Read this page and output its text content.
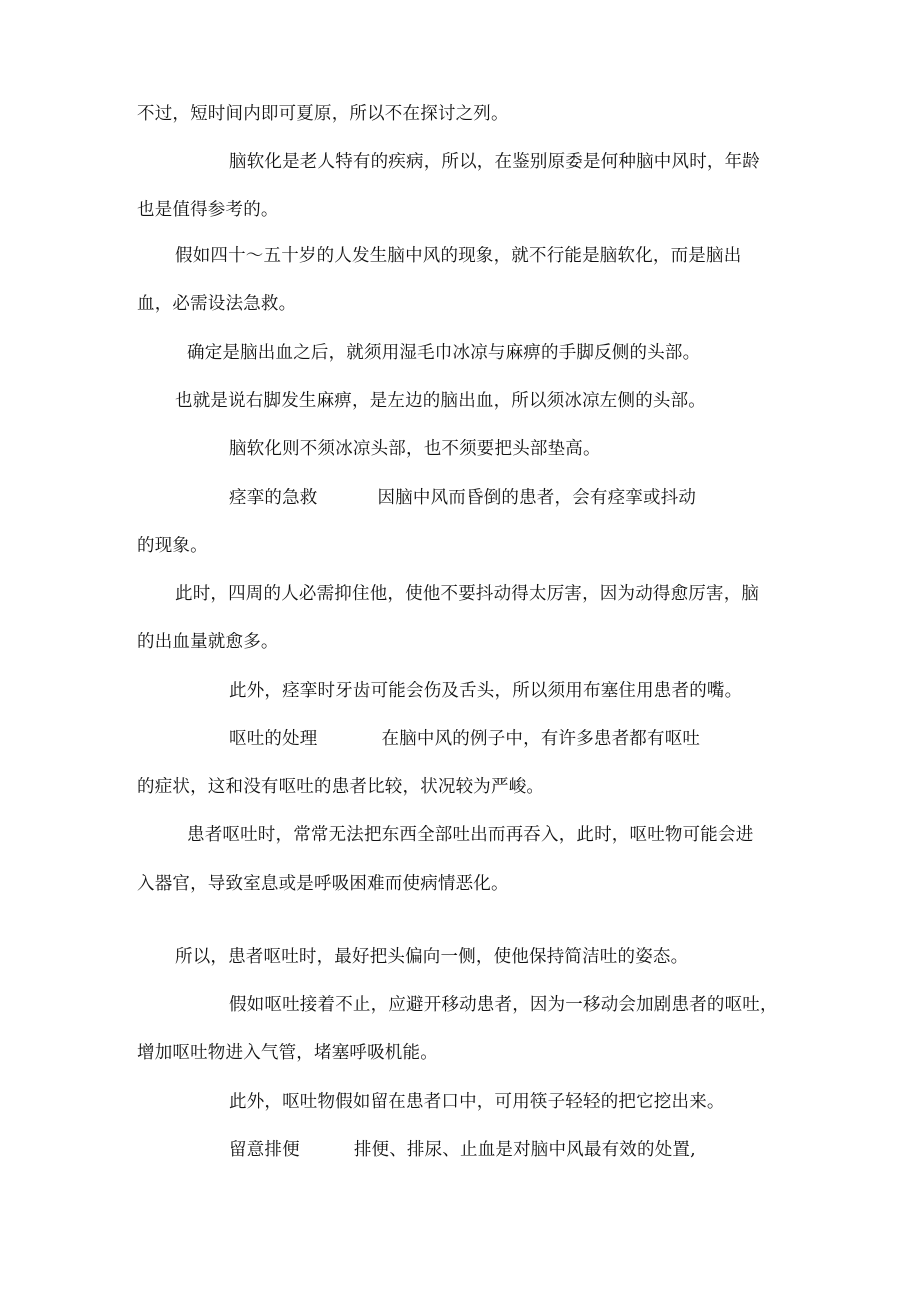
不过，短时间内即可夏原，所以不在探讨之列。
脑软化是老人特有的疾病，所以，在鉴别原委是何种脑中风时，年龄
也是值得参考的。
假如四十～五十岁的人发生脑中风的现象，就不行能是脑软化，而是脑出
血，必需设法急救。
确定是脑出血之后，就须用湿毛巾冰凉与麻痹的手脚反侧的头部。
也就是说右脚发生麻痹，是左边的脑出血，所以须冰凉左侧的头部。
脑软化则不须冰凉头部，也不须要把头部垫高。
痉挛的急救	因脑中风而昏倒的患者，会有痉挛或抖动
的现象。
此时，四周的人必需抑住他，使他不要抖动得太厉害，因为动得愈厉害，脑
的出血量就愈多。
此外，痉挛时牙齿可能会伤及舌头，所以须用布塞住用患者的嘴。
呕吐的处理	在脑中风的例子中，有许多患者都有呕吐
的症状，这和没有呕吐的患者比较，状况较为严峻。
患者呕吐时，常常无法把东西全部吐出而再吞入，此时，呕吐物可能会进
入器官，导致室息或是呼吸困难而使病情恶化。
所以，患者呕吐时，最好把头偏向一侧，使他保持简洁吐的姿态。
假如呕吐接着不止，应避开移动患者，因为一移动会加剧患者的呕吐，
增加呕吐物进入气管，堵塞呼吸机能。
此外，呕吐物假如留在患者口中，可用筷子轻轻的把它挖出来。
留意排便	排便、排尿、止血是对脑中风最有效的处置,
